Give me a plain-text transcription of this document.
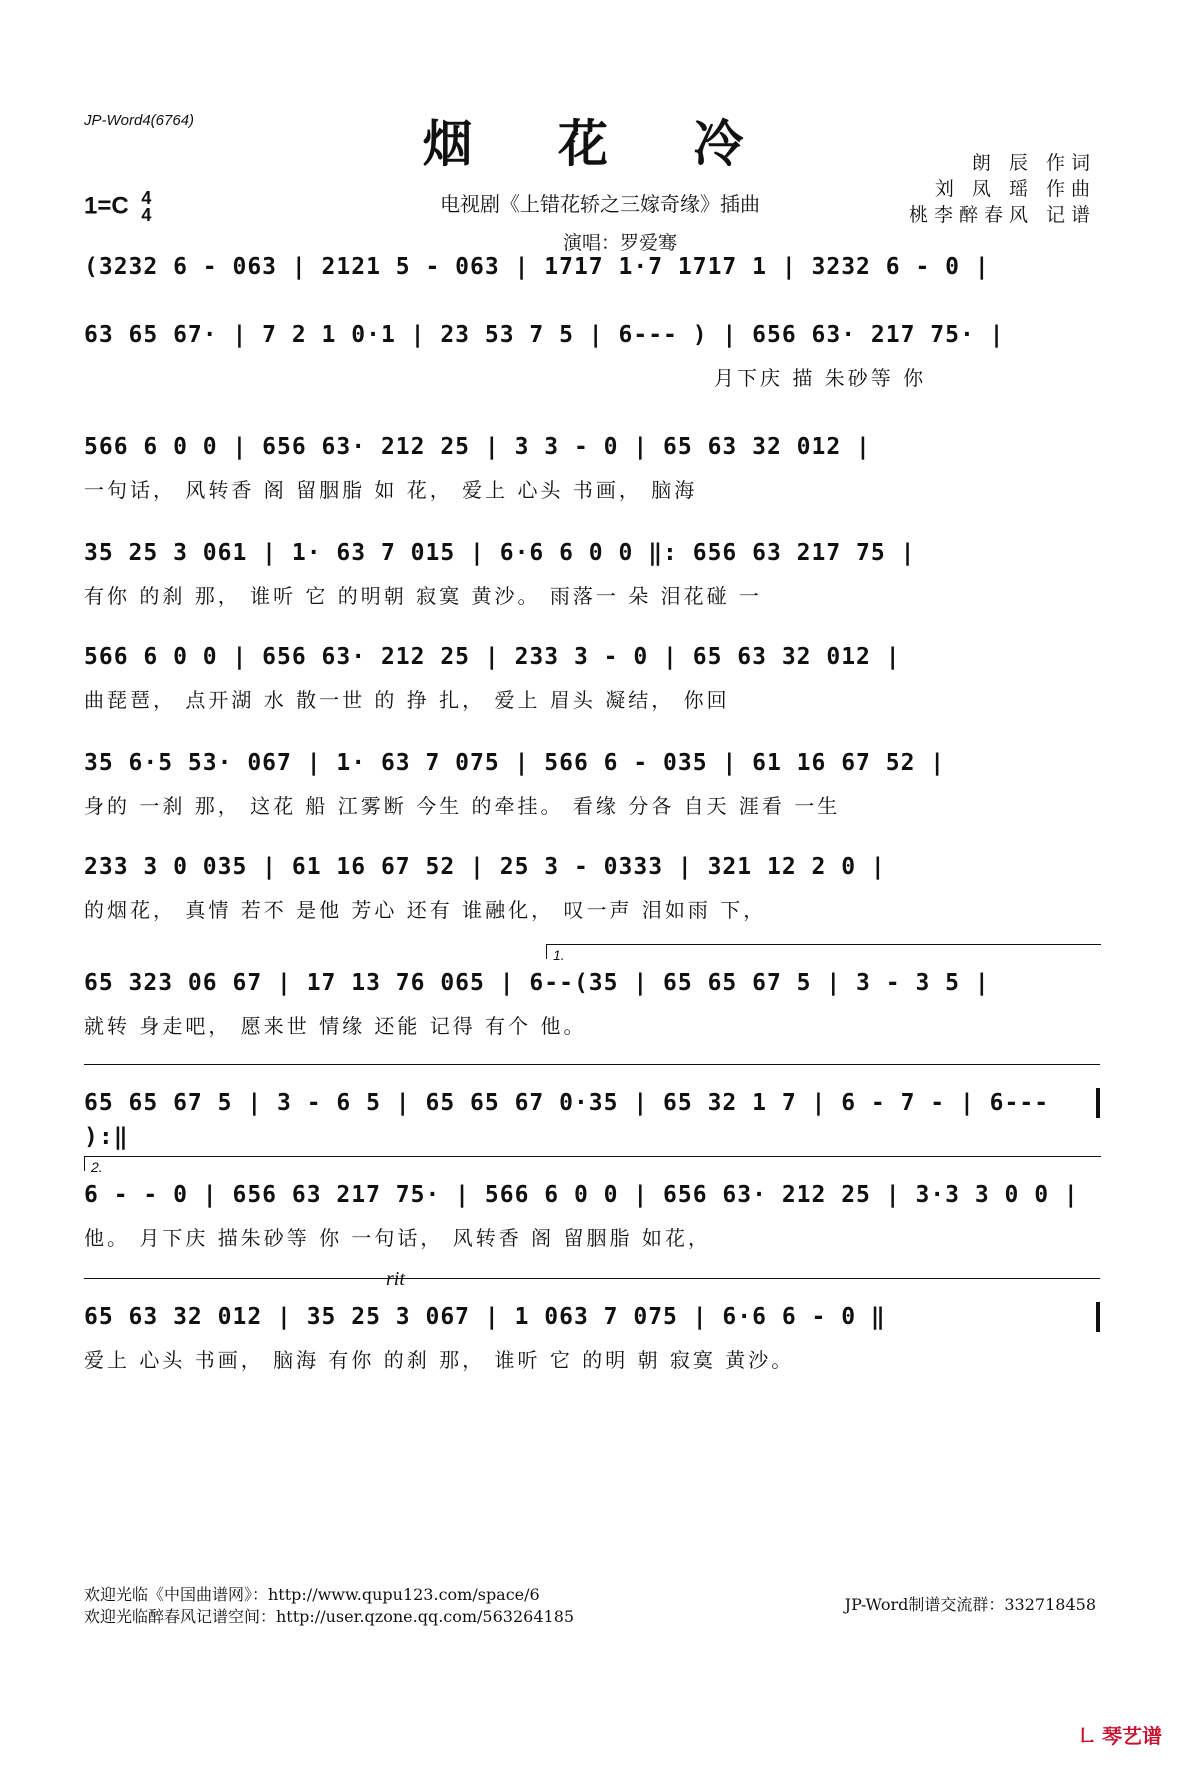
JP-Word4(6764)	烟 花 冷	朗 辰 作词
刘 凤 瑶 作曲
桃李醉春风 记谱
1=C 4
4	电视剧《上错花轿之三嫁奇缘》插曲
演唱：罗爱骞
(3232 6 - 063 | 2121 5 - 063 | 1717 1·7 1717 1 | 3232 6 - 0 |
63 65 67· | 7 2 1 0·1 | 23 53 7 5 | 6--- ) | 656 63· 217 75· |
月下庆 描 朱砂等 你
566 6 0 0 | 656 63· 212 25 | 3 3 - 0 | 65 63 32 012 |
一句话， 风转香 阁 留胭脂 如 花， 爱上 心头 书画， 脑海
35 25 3 061 | 1· 63 7 015 | 6·6 6 0 0 ‖: 656 63 217 75 |
有你 的刹 那， 谁听 它 的明朝 寂寞 黄沙。 雨落一 朵 泪花碰 一
566 6 0 0 | 656 63· 212 25 | 233 3 - 0 | 65 63 32 012 |
曲琵琶， 点开湖 水 散一世 的 挣 扎， 爱上 眉头 凝结， 你回
35 6·5 53· 067 | 1· 63 7 075 | 566 6 - 035 | 61 16 67 52 |
身的 一刹 那， 这花 船 江雾断 今生 的牵挂。 看缘 分各 自天 涯看 一生
233 3 0 035 | 61 16 67 52 | 25 3 - 0333 | 321 12 2 0 |
的烟花， 真情 若不 是他 芳心 还有 谁融化， 叹一声 泪如雨 下，
1.
65 323 06 67 | 17 13 76 065 | 6--(35 | 65 65 67 5 | 3 - 3 5 |
就转 身走吧， 愿来世 情缘 还能 记得 有个 他。
65 65 67 5 | 3 - 6 5 | 65 65 67 0·35 | 65 32 1 7 | 6 - 7 - | 6--- ):‖
2.
6 - - 0 | 656 63 217 75· | 566 6 0 0 | 656 63· 212 25 | 3·3 3 0 0 |
他。 月下庆 描朱砂等 你 一句话， 风转香 阁 留胭脂 如花，
rit
65 63 32 012 | 35 25 3 067 | 1 063 7 075 | 6·6 6 - 0 ‖
爱上 心头 书画， 脑海 有你 的刹 那， 谁听 它 的明 朝 寂寞 黄沙。
欢迎光临《中国曲谱网》：http://www.qupu123.com/space/6
欢迎光临醉春风记谱空间：http://user.qzone.qq.com/563264185
JP-Word制谱交流群：332718458
㇗ 琴艺谱
